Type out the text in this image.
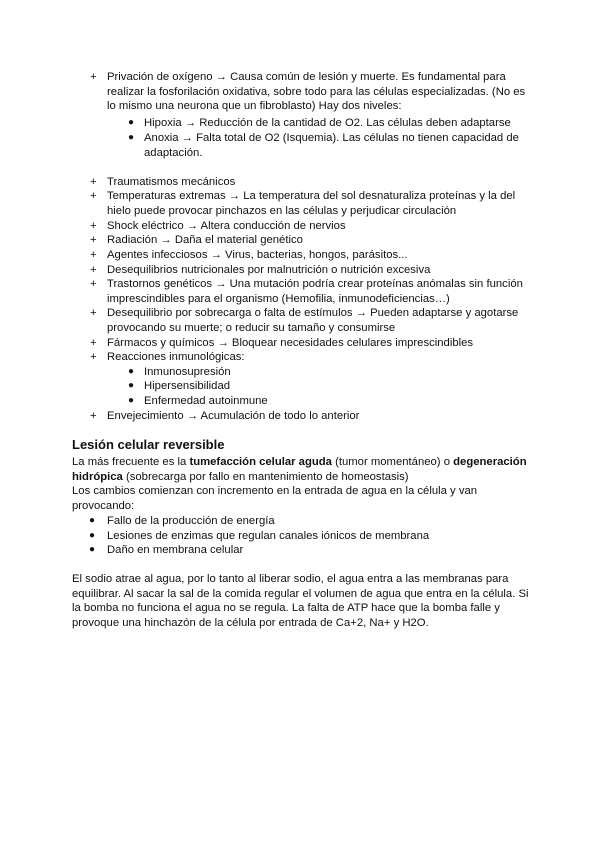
+ Privación de oxígeno → Causa común de lesión y muerte. Es fundamental para realizar la fosforilación oxidativa, sobre todo para las células especializadas. (No es lo mismo una neurona que un fibroblasto) Hay dos niveles:
● Hipoxia → Reducción de la cantidad de O2. Las células deben adaptarse
● Anoxia → Falta total de O2 (Isquemia). Las células no tienen capacidad de adaptación.
+ Traumatismos mecánicos
+ Temperaturas extremas → La temperatura del sol desnaturaliza proteínas y la del hielo puede provocar pinchazos en las células y perjudicar circulación
+ Shock eléctrico → Altera conducción de nervios
+ Radiación → Daña el material genético
+ Agentes infecciosos → Virus, bacterias, hongos, parásitos...
+ Desequilibrios nutricionales por malnutrición o nutrición excesiva
+ Trastornos genéticos → Una mutación podría crear proteínas anómalas sin función imprescindibles para el organismo (Hemofilia, inmunodeficiencias…)
+ Desequilibrio por sobrecarga o falta de estímulos → Pueden adaptarse y agotarse provocando su muerte; o reducir su tamaño y consumirse
+ Fármacos y químicos → Bloquear necesidades celulares imprescindibles
+ Reacciones inmunológicas:
● Inmunosupresión
● Hipersensibilidad
● Enfermedad autoinmune
+ Envejecimiento → Acumulación de todo lo anterior
Lesión celular reversible
La más frecuente es la tumefacción celular aguda (tumor momentáneo) o degeneración hidrópica (sobrecarga por fallo en mantenimiento de homeostasis)
Los cambios comienzan con incremento en la entrada de agua en la célula y van provocando:
● Fallo de la producción de energía
● Lesiones de enzimas que regulan canales iónicos de membrana
● Daño en membrana celular
El sodio atrae al agua, por lo tanto al liberar sodio, el agua entra a las membranas para equilibrar. Al sacar la sal de la comida regular el volumen de agua que entra en la célula. Si la bomba no funciona el agua no se regula. La falta de ATP hace que la bomba falle y provoque una hinchazón de la célula por entrada de Ca+2, Na+ y H2O.
